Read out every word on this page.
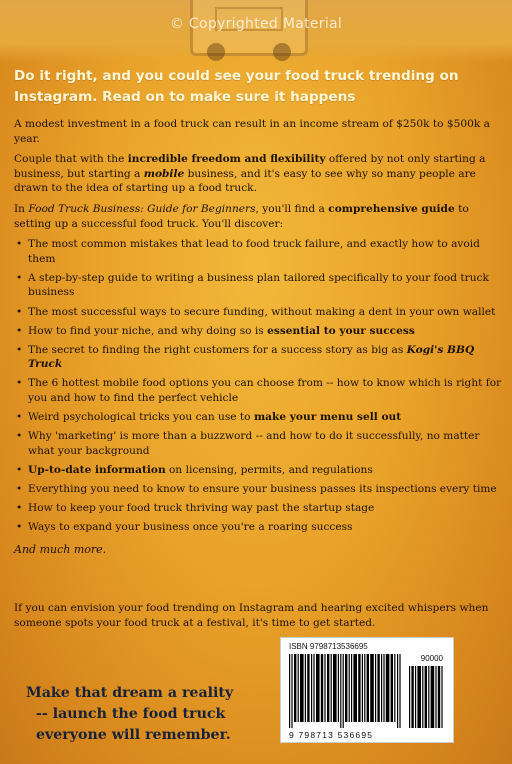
© Copyrighted Material
Do it right, and you could see your food truck trending on
Instagram. Read on to make sure it happens

A modest investment in a food truck can result in an income stream of $250k to $500k a year.

Couple that with the incredible freedom and flexibility offered by not only starting a business, but starting a mobile business, and it's easy to see why so many people are drawn to the idea of starting up a food truck.

In Food Truck Business: Guide for Beginners, you'll find a comprehensive guide to setting up a successful food truck. You'll discover:

• The most common mistakes that lead to food truck failure, and exactly how to avoid them
• A step-by-step guide to writing a business plan tailored specifically to your food truck business
• The most successful ways to secure funding, without making a dent in your own wallet
• How to find your niche, and why doing so is essential to your success
• The secret to finding the right customers for a success story as big as Kogi's BBQ Truck
• The 6 hottest mobile food options you can choose from -- how to know which is right for you and how to find the perfect vehicle
• Weird psychological tricks you can use to make your menu sell out
• Why 'marketing' is more than a buzzword -- and how to do it successfully, no matter what your background
• Up-to-date information on licensing, permits, and regulations
• Everything you need to know to ensure your business passes its inspections every time
• How to keep your food truck thriving way past the startup stage
• Ways to expand your business once you're a roaring success
And much more.
If you can envision your food trending on Instagram and hearing excited whispers when someone spots your food truck at a festival, it's time to get started.
Make that dream a reality
-- launch the food truck
everyone will remember.
ISBN 9798713536695
90000
9 798713 536695
